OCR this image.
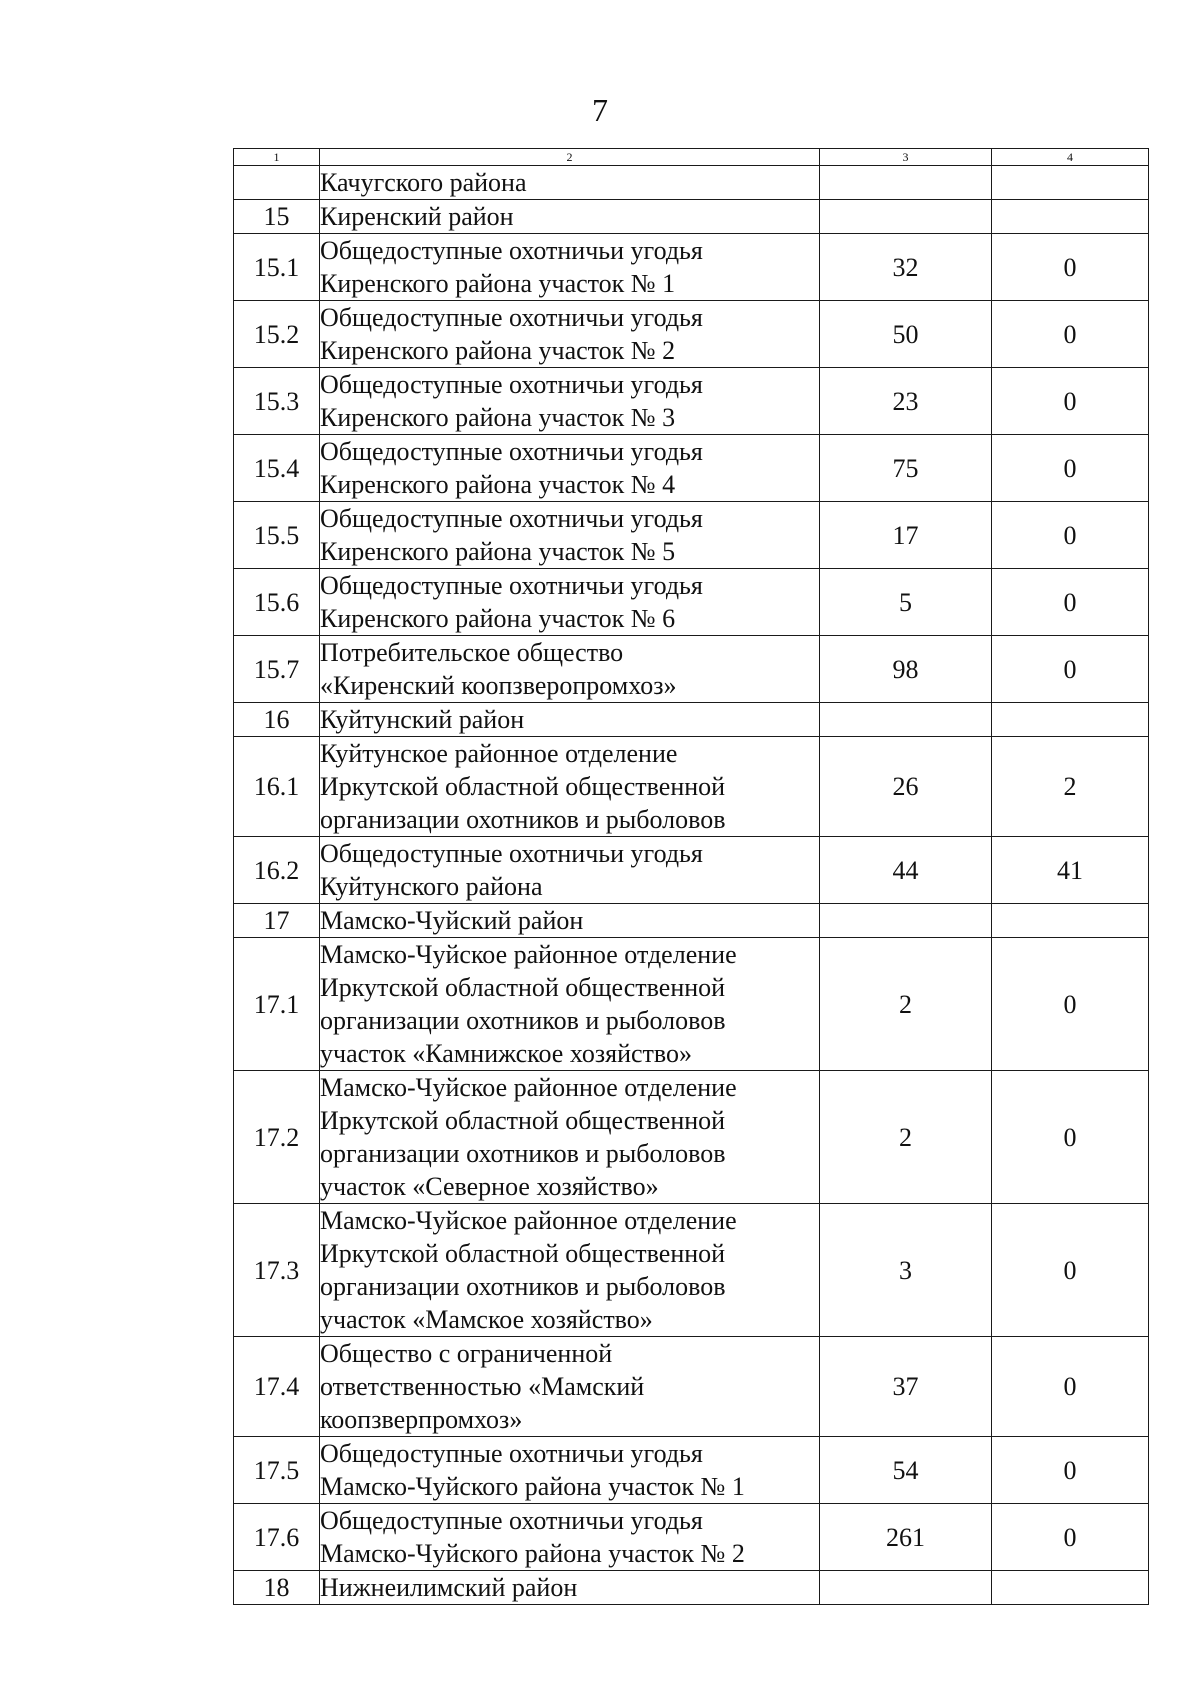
7
1	2	3	4

	Качугского района		

15	Киренский район		

15.1	Общедоступные охотничьи угодья
Киренского района участок № 1	32	0
15.2	Общедоступные охотничьи угодья
Киренского района участок № 2	50	0
15.3	Общедоступные охотничьи угодья
Киренского района участок № 3	23	0
15.4	Общедоступные охотничьи угодья
Киренского района участок № 4	75	0
15.5	Общедоступные охотничьи угодья
Киренского района участок № 5	17	0
15.6	Общедоступные охотничьи угодья
Киренского района участок № 6	5	0
15.7	Потребительское общество
«Киренский коопзверопромхоз»	98	0
16	Куйтунский район		

16.1	Куйтунское районное отделение
Иркутской областной общественной
организации охотников и рыболовов	26	2
16.2	Общедоступные охотничьи угодья
Куйтунского района	44	41
17	Мамско-Чуйский район		

17.1	Мамско-Чуйское районное отделение
Иркутской областной общественной
организации охотников и рыболовов
участок «Камнижское хозяйство»	2	0
17.2	Мамско-Чуйское районное отделение
Иркутской областной общественной
организации охотников и рыболовов
участок «Северное хозяйство»	2	0
17.3	Мамско-Чуйское районное отделение
Иркутской областной общественной
организации охотников и рыболовов
участок «Мамское хозяйство»	3	0
17.4	Общество с ограниченной
ответственностью «Мамский
коопзверпромхоз»	37	0
17.5	Общедоступные охотничьи угодья
Мамско-Чуйского района участок № 1	54	0
17.6	Общедоступные охотничьи угодья
Мамско-Чуйского района участок № 2	261	0
18	Нижнеилимский район		
